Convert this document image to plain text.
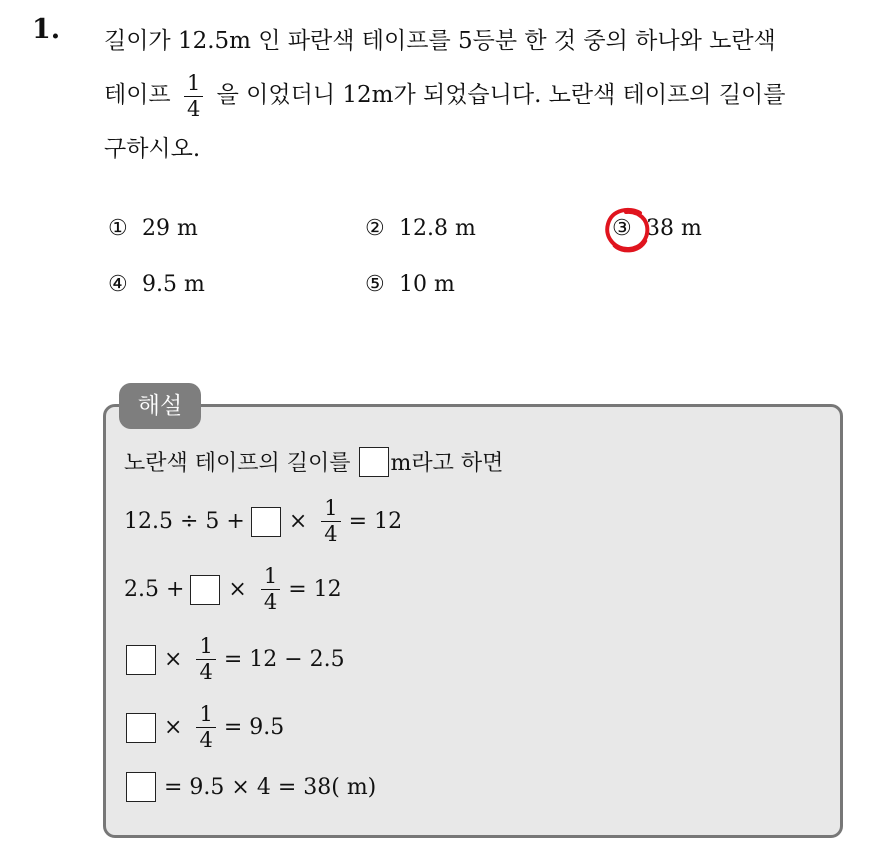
1. 길이가 12.5m 인 파란색 테이프를 5등분 한 것 중의 하나와 노란색
테이프 $\frac{1}{4}$ 을 이었더니 12m가 되었습니다. 노란색 테이프의 길이를
구하시오.
① 29 m	② 12.8 m	③ 38 m
④ 9.5 m	⑤ 10 m
해설
노란색 테이프의 길이를 m라고 하면
12.5 ÷ 5 + × $\frac{1}{4} = 12$
2.5 + × $\frac{1}{4} = 12$
× $\frac{1}{4} = 12 - 2.5$
× $\frac{1}{4} = 9.5$
= 9.5 × 4 = 38( m)
